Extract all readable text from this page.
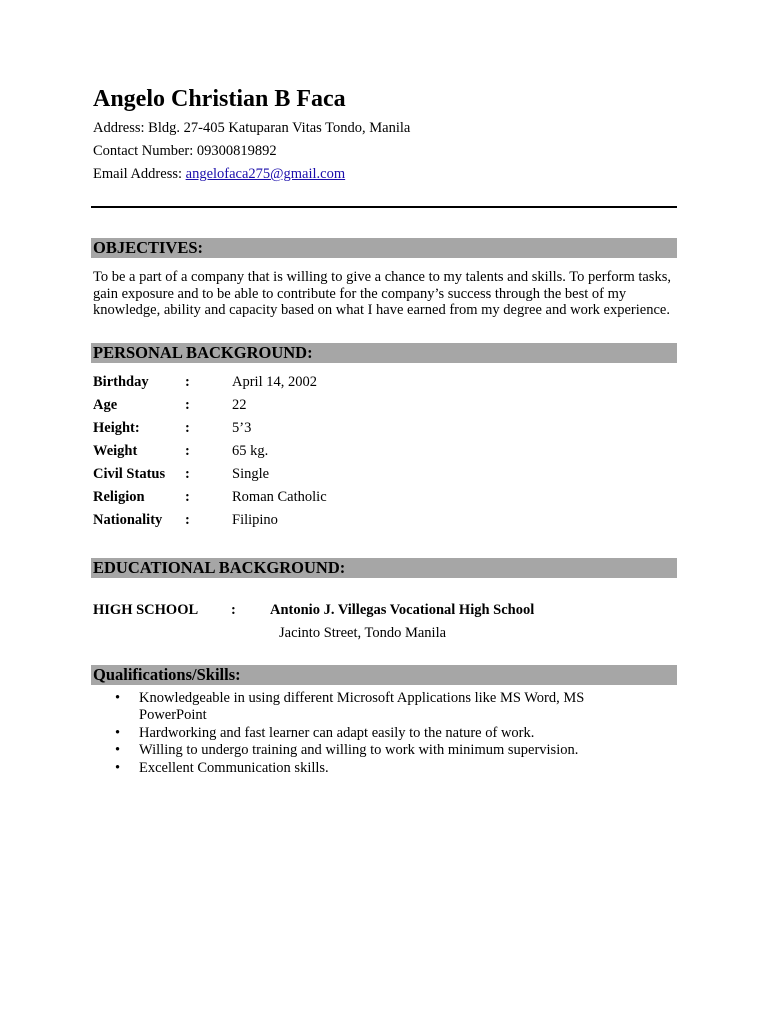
Angelo Christian B Faca
Address: Bldg. 27-405 Katuparan Vitas Tondo, Manila
Contact Number: 09300819892
Email Address: angelofaca275@gmail.com
OBJECTIVES:
To be a part of a company that is willing to give a chance to my talents and skills. To perform tasks, gain exposure and to be able to contribute for the company’s success through the best of my knowledge, ability and capacity based on what I have earned from my degree and work experience.
PERSONAL BACKGROUND:
Birthday	:	April 14, 2002
Age	:	22
Height:	:	5’3
Weight	:	65 kg.
Civil Status :	Single
Religion	:	Roman Catholic
Nationality :	Filipino
EDUCATIONAL BACKGROUND:
HIGH SCHOOL : Antonio J. Villegas Vocational High School
Jacinto Street, Tondo Manila
Qualifications/Skills:
• Knowledgeable in using different Microsoft Applications like MS Word, MS PowerPoint
• Hardworking and fast learner can adapt easily to the nature of work.
• Willing to undergo training and willing to work with minimum supervision.
• Excellent Communication skills.
